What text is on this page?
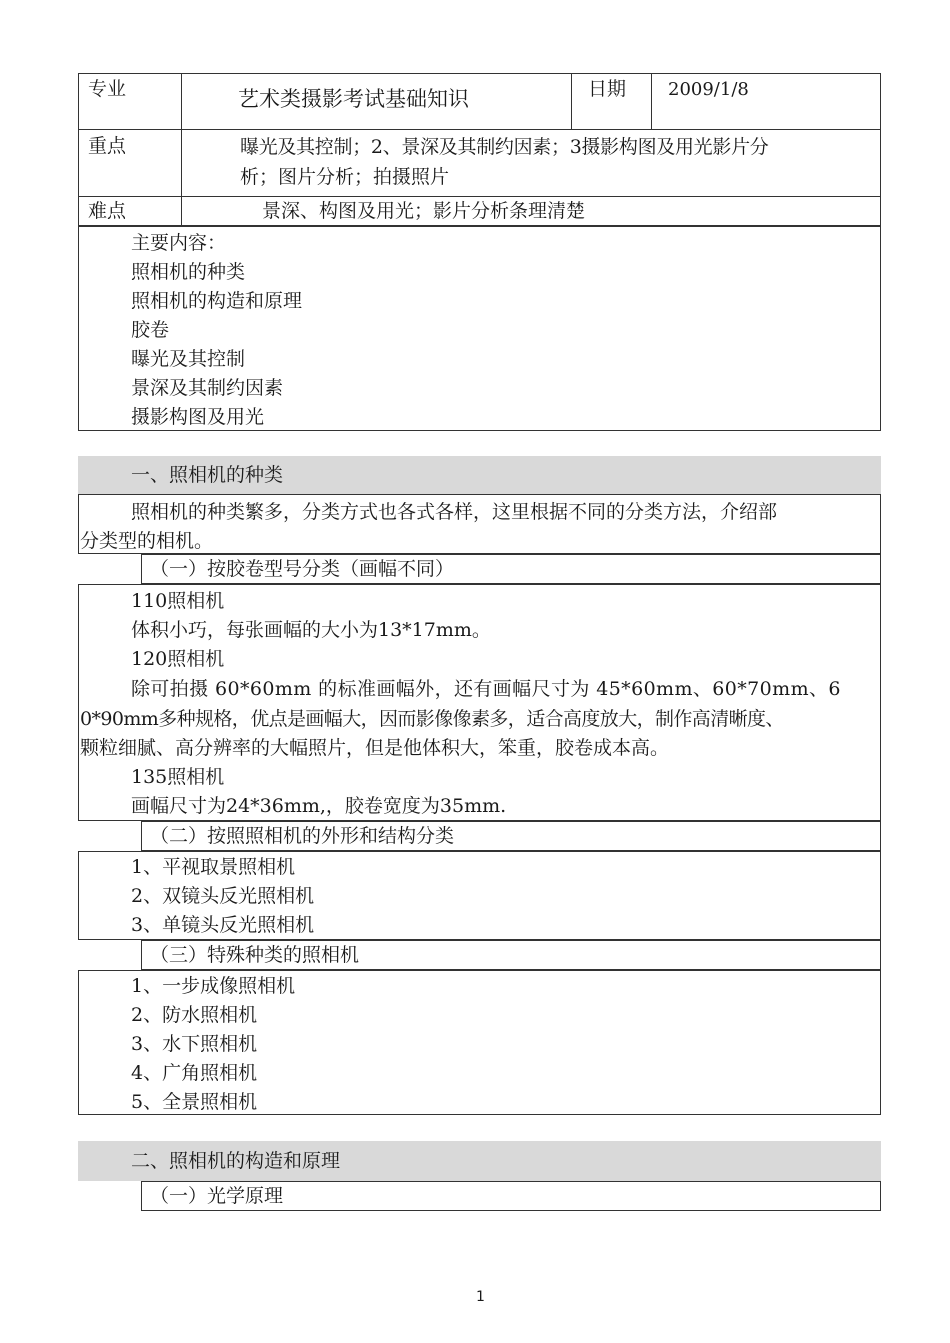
专业	艺术类摄影考试基础知识	日期 2009/1/8
重点	曝光及其控制；2、景深及其制约因素；3摄影构图及用光影片分
析；图片分析；拍摄照片
难点	景深、构图及用光；影片分析条理清楚
主要内容：
照相机的种类
照相机的构造和原理
胶卷
曝光及其控制
景深及其制约因素
摄影构图及用光
一、照相机的种类
照相机的种类繁多，分类方式也各式各样，这里根据不同的分类方法，介绍部
分类型的相机。
（一）按胶卷型号分类（画幅不同）
110照相机
体积小巧，每张画幅的大小为13*17mm。
120照相机
除可拍摄 60*60mm 的标准画幅外，还有画幅尺寸为 45*60mm、60*70mm、6
0*90mm多种规格，优点是画幅大，因而影像像素多，适合高度放大，制作高清晰度、
颗粒细腻、高分辨率的大幅照片，但是他体积大，笨重，胶卷成本高。
135照相机
画幅尺寸为24*36mm,，胶卷宽度为35mm.
（二）按照照相机的外形和结构分类
1、平视取景照相机
2、双镜头反光照相机
3、单镜头反光照相机
（三）特殊种类的照相机
1、一步成像照相机
2、防水照相机
3、水下照相机
4、广角照相机
5、全景照相机
二、照相机的构造和原理
（一）光学原理
1
